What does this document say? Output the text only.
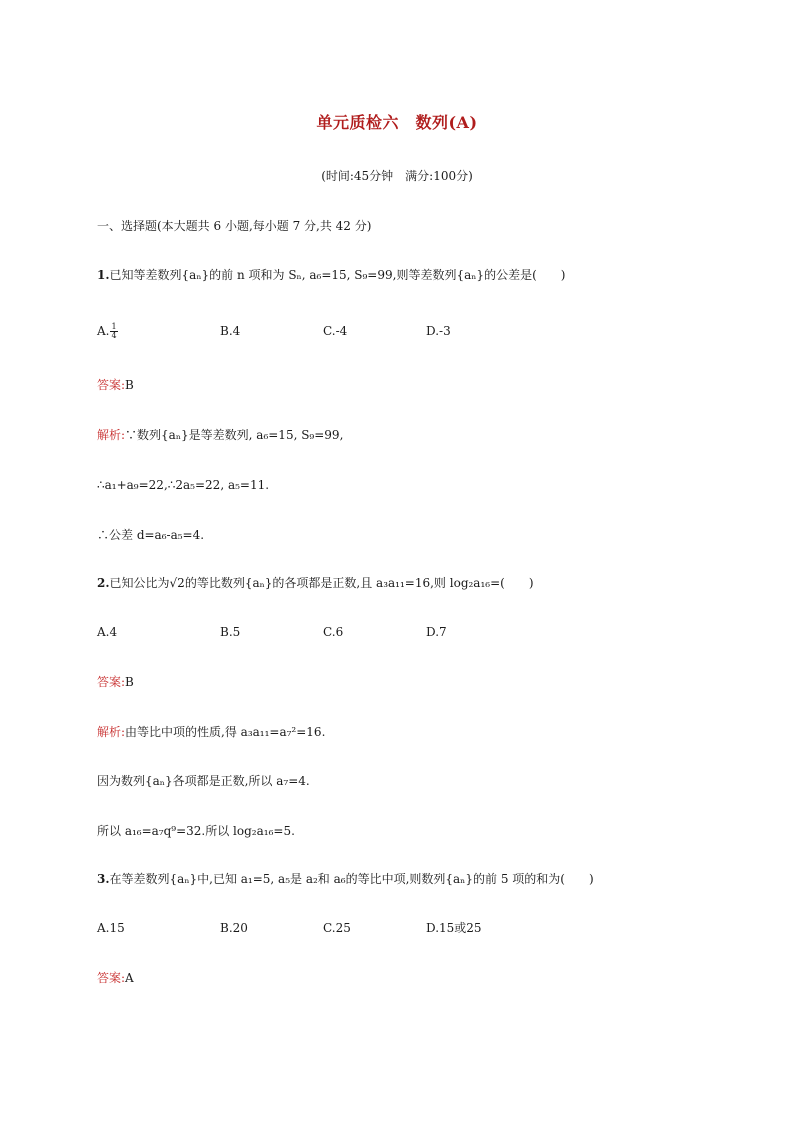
单元质检六　数列(A)
(时间:45分钟　满分:100分)
一、选择题(本大题共 6 小题,每小题 7 分,共 42 分)
1.已知等差数列{aₙ}的前 n 项和为 Sₙ, a₆=15, S₉=99,则等差数列{aₙ}的公差是(　　)
A. $\frac{1}{4}$	B.4	C.-4	D.-3
答案:B
解析:∵数列{aₙ}是等差数列, a₆=15, S₉=99,
∴a₁+a₉=22,∴2a₅=22, a₅=11.
∴公差 d=a₆-a₅=4.
2.已知公比为√2的等比数列{aₙ}的各项都是正数,且 a₃a₁₁=16,则 log₂a₁₆=(　　)
A.4	B.5	C.6	D.7
答案:B
解析:由等比中项的性质,得 a₃a₁₁=a₇²=16.
因为数列{aₙ}各项都是正数,所以 a₇=4.
所以 a₁₆=a₇q⁹=32.所以 log₂a₁₆=5.
3.在等差数列{aₙ}中,已知 a₁=5, a₅是 a₂和 a₆的等比中项,则数列{aₙ}的前 5 项的和为(　　)
A.15	B.20	C.25	D.15或25
答案:A
